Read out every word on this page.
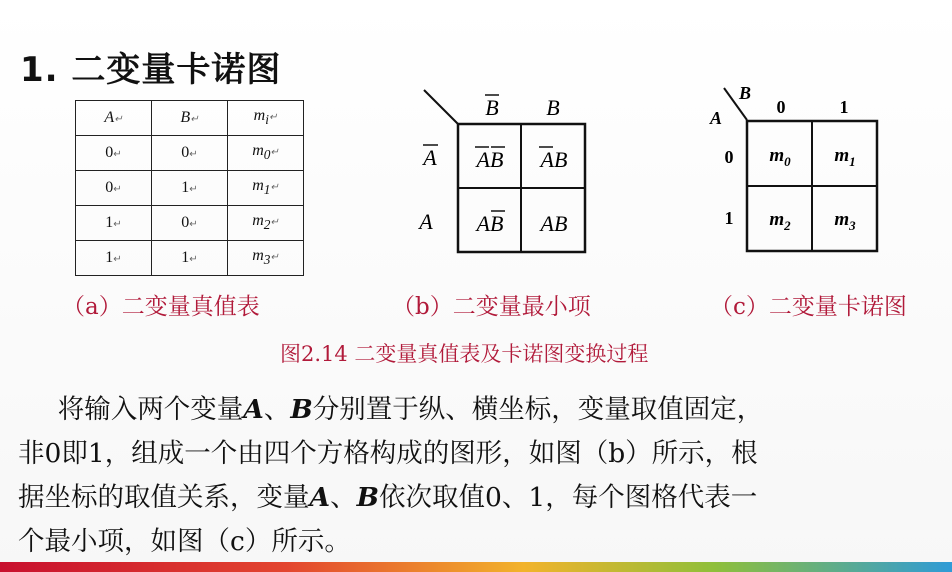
1. 二变量卡诺图
A↵	B↵	$m_i↵$
0↵	0↵	$m_0↵$
0↵	1↵	$m_1↵$
1↵	0↵	$m_2↵$
1↵	1↵	$m_3↵$
B B
A
A
AB AB
AB AB
B
A
0	1
0
1
$m_0$ $m_1$
$m_2$ $m_3$
（a）二变量真值表	（b）二变量最小项	（c）二变量卡诺图
图2.14 二变量真值表及卡诺图变换过程

  将输入两个变量A、B分别置于纵、横坐标，变量取值固定，

非0即1，组成一个由四个方格构成的图形，如图（b）所示，根

据坐标的取值关系，变量A、B依次取值0、1，每个图格代表一

个最小项，如图（c）所示。
